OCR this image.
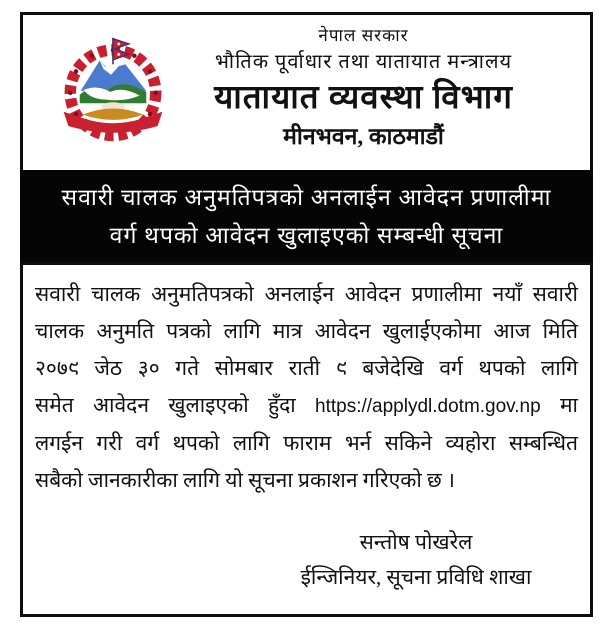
नेपाल सरकार
भौतिक पूर्वाधार तथा यातायात मन्त्रालय
यातायात व्यवस्था विभाग
मीनभवन, काठमाडौं
सवारी चालक अनुमतिपत्रको अनलाईन आवेदन प्रणालीमा
वर्ग थपको आवेदन खुलाइएको सम्बन्धी सूचना
सवारी चालक अनुमतिपत्रको अनलाईन आवेदन प्रणालीमा नयाँ सवारी
चालक अनुमति पत्रको लागि मात्र आवेदन खुलाईएकोमा आज मिति
२०७९ जेठ ३० गते सोमबार राती ९ बजेदेखि वर्ग थपको लागि
समेत आवेदन खुलाइएको हुँदा https://applydl.dotm.gov.np मा
लगईन गरी वर्ग थपको लागि फाराम भर्न सकिने व्यहोरा सम्बन्धित
सबैको जानकारीका लागि यो सूचना प्रकाशन गरिएको छ ।
सन्तोष पोखरेल
ईन्जिनियर, सूचना प्रविधि शाखा
